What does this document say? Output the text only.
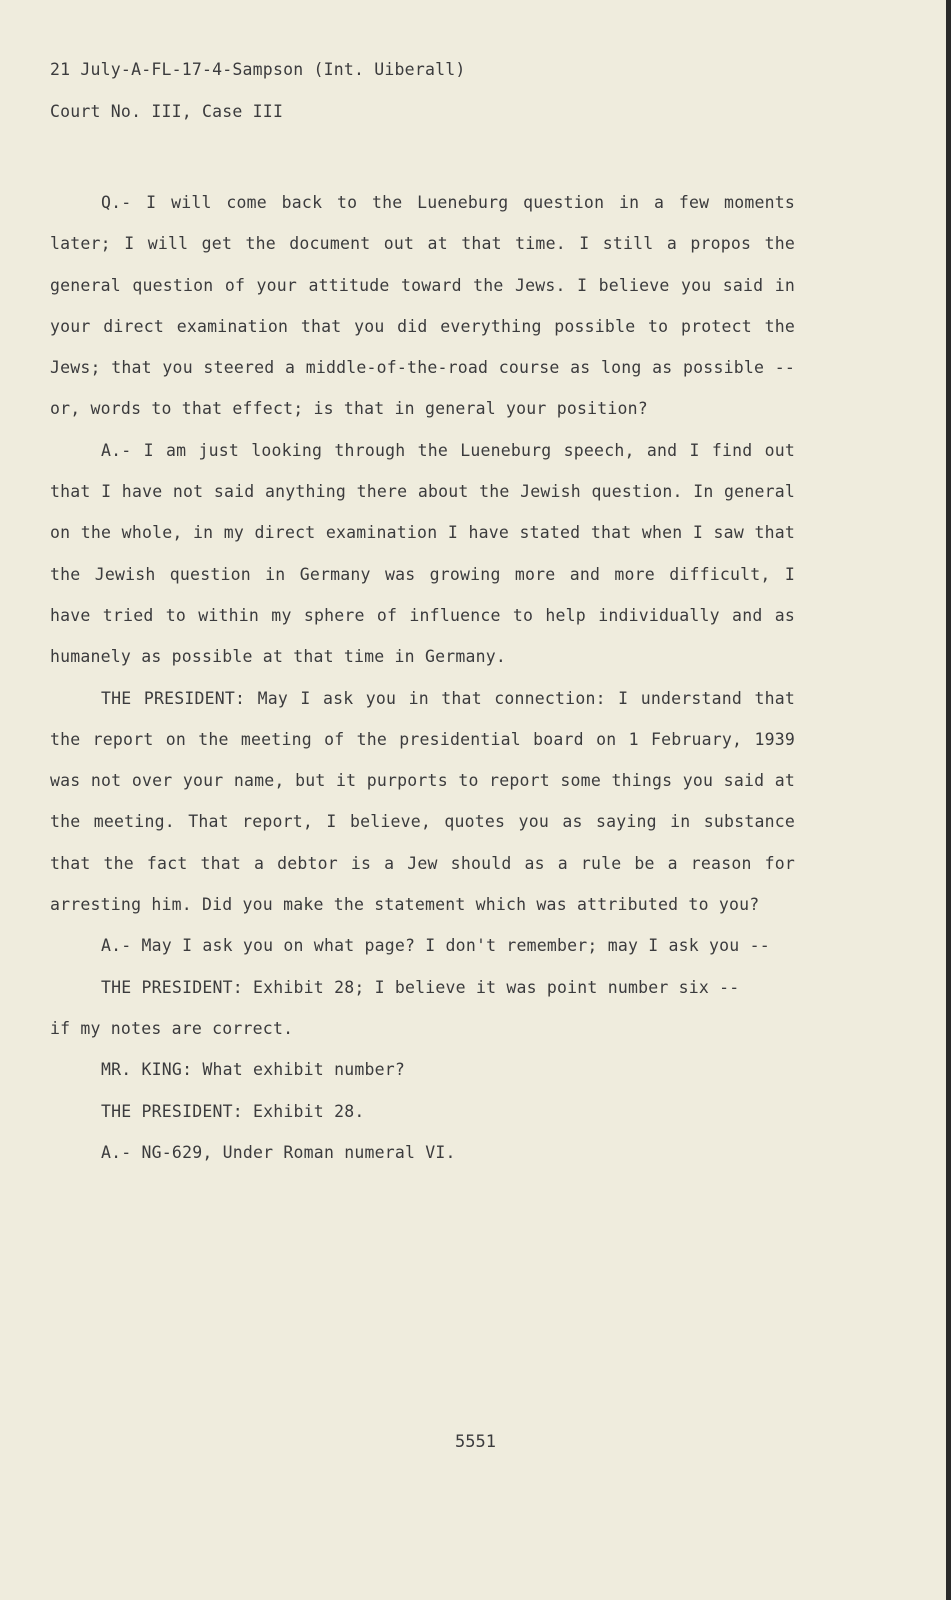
21 July-A-FL-17-4-Sampson (Int. Uiberall)
Court No. III, Case III

Q.- I will come back to the Lueneburg question in a few moments later; I will get the document out at that time. I still a propos the general question of your attitude toward the Jews. I believe you said in your direct examination that you did everything possible to protect the Jews; that you steered a middle-of-the-road course as long as possible -- or, words to that effect; is that in general your position?

A.- I am just looking through the Lueneburg speech, and I find out that I have not said anything there about the Jewish question. In general on the whole, in my direct examination I have stated that when I saw that the Jewish question in Germany was growing more and more difficult, I have tried to within my sphere of influence to help individually and as humanely as possible at that time in Germany.

THE PRESIDENT: May I ask you in that connection: I understand that the report on the meeting of the presidential board on 1 February, 1939 was not over your name, but it purports to report some things you said at the meeting. That report, I believe, quotes you as saying in substance that the fact that a debtor is a Jew should as a rule be a reason for arresting him. Did you make the statement which was attributed to you?

A.- May I ask you on what page? I don't remember; may I ask you --

THE PRESIDENT: Exhibit 28; I believe it was point number six --

if my notes are correct.

MR. KING: What exhibit number?

THE PRESIDENT: Exhibit 28.

A.- NG-629, Under Roman numeral VI.

5551
